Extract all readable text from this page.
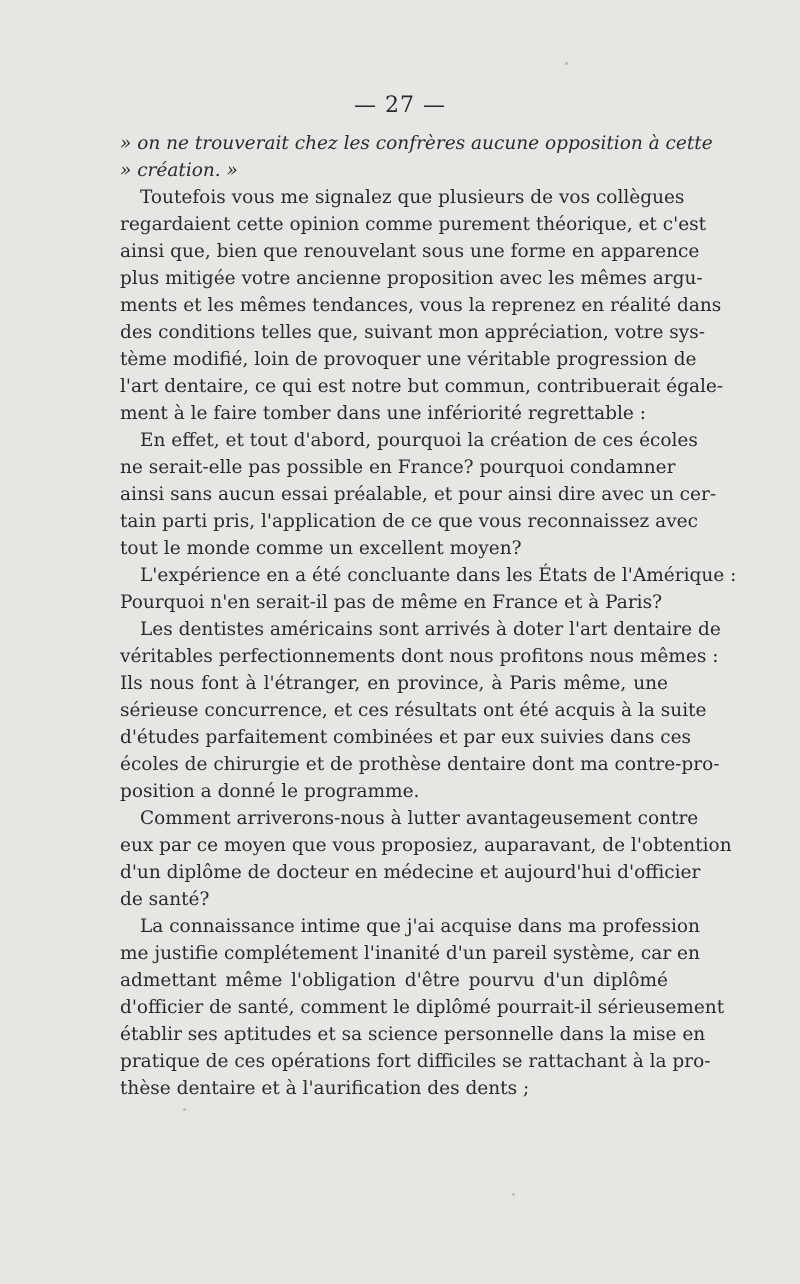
— 27 —
» on ne trouverait chez les confrères aucune opposition à cette
» création. »
Toutefois vous me signalez que plusieurs de vos collègues
regardaient cette opinion comme purement théorique, et c'est
ainsi que, bien que renouvelant sous une forme en apparence
plus mitigée votre ancienne proposition avec les mêmes argu-
ments et les mêmes tendances, vous la reprenez en réalité dans
des conditions telles que, suivant mon appréciation, votre sys-
tème modifié, loin de provoquer une véritable progression de
l'art dentaire, ce qui est notre but commun, contribuerait égale-
ment à le faire tomber dans une infériorité regrettable :
En effet, et tout d'abord, pourquoi la création de ces écoles
ne serait-elle pas possible en France? pourquoi condamner
ainsi sans aucun essai préalable, et pour ainsi dire avec un cer-
tain parti pris, l'application de ce que vous reconnaissez avec
tout le monde comme un excellent moyen?
L'expérience en a été concluante dans les États de l'Amérique :
Pourquoi n'en serait-il pas de même en France et à Paris?
Les dentistes américains sont arrivés à doter l'art dentaire de
véritables perfectionnements dont nous profitons nous mêmes :
Ils nous font à l'étranger, en province, à Paris même, une
sérieuse concurrence, et ces résultats ont été acquis à la suite
d'études parfaitement combinées et par eux suivies dans ces
écoles de chirurgie et de prothèse dentaire dont ma contre-pro-
position a donné le programme.
Comment arriverons-nous à lutter avantageusement contre
eux par ce moyen que vous proposiez, auparavant, de l'obtention
d'un diplôme de docteur en médecine et aujourd'hui d'officier
de santé?
La connaissance intime que j'ai acquise dans ma profession
me justifie complétement l'inanité d'un pareil système, car en
admettant même l'obligation d'être pourvu d'un diplômé
d'officier de santé, comment le diplômé pourrait-il sérieusement
établir ses aptitudes et sa science personnelle dans la mise en
pratique de ces opérations fort difficiles se rattachant à la pro-
thèse dentaire et à l'aurification des dents ;
